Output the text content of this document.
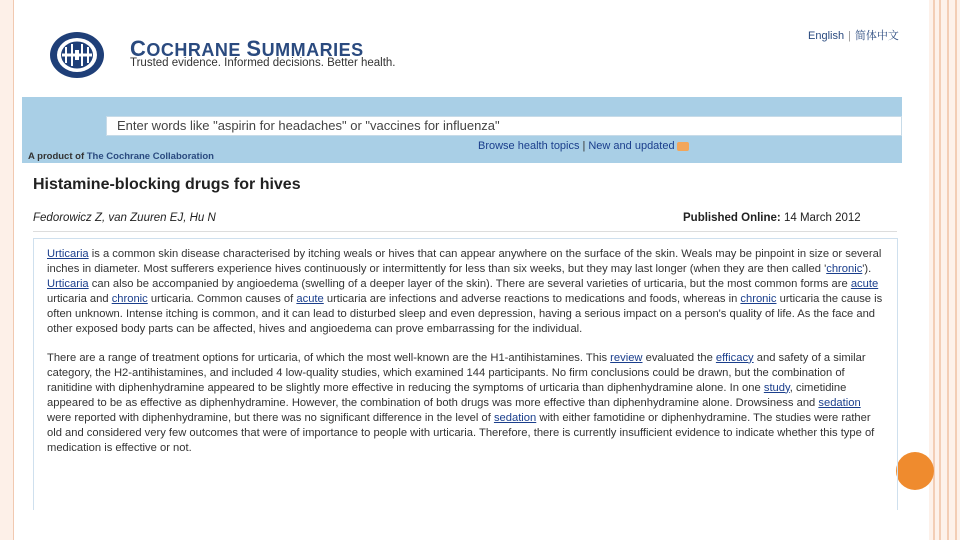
COCHRANE SUMMARIES
Trusted evidence. Informed decisions. Better health.
English | 简体中文
Enter words like "aspirin for headaches" or "vaccines for influenza"
Browse health topics | New and updated
A product of The Cochrane Collaboration
Histamine-blocking drugs for hives
Fedorowicz Z, van Zuuren EJ, Hu N	Published Online: 14 March 2012

Urticaria is a common skin disease characterised by itching weals or hives that can appear anywhere on the surface of the skin. Weals may be pinpoint in size or several inches in diameter. Most sufferers experience hives continuously or intermittently for less than six weeks, but they may last longer (when they are then called 'chronic'). Urticaria can also be accompanied by angioedema (swelling of a deeper layer of the skin). There are several varieties of urticaria, but the most common forms are acute urticaria and chronic urticaria. Common causes of acute urticaria are infections and adverse reactions to medications and foods, whereas in chronic urticaria the cause is often unknown. Intense itching is common, and it can lead to disturbed sleep and even depression, having a serious impact on a person's quality of life. As the face and other exposed body parts can be affected, hives and angioedema can prove embarrassing for the individual.

There are a range of treatment options for urticaria, of which the most well-known are the H1-antihistamines. This review evaluated the efficacy and safety of a similar category, the H2-antihistamines, and included 4 low-quality studies, which examined 144 participants. No firm conclusions could be drawn, but the combination of ranitidine with diphenhydramine appeared to be slightly more effective in reducing the symptoms of urticaria than diphenhydramine alone. In one study, cimetidine appeared to be as effective as diphenhydramine. However, the combination of both drugs was more effective than diphenhydramine alone. Drowsiness and sedation were reported with diphenhydramine, but there was no significant difference in the level of sedation with either famotidine or diphenhydramine. The studies were rather old and considered very few outcomes that were of importance to people with urticaria. Therefore, there is currently insufficient evidence to indicate whether this type of medication is effective or not.
